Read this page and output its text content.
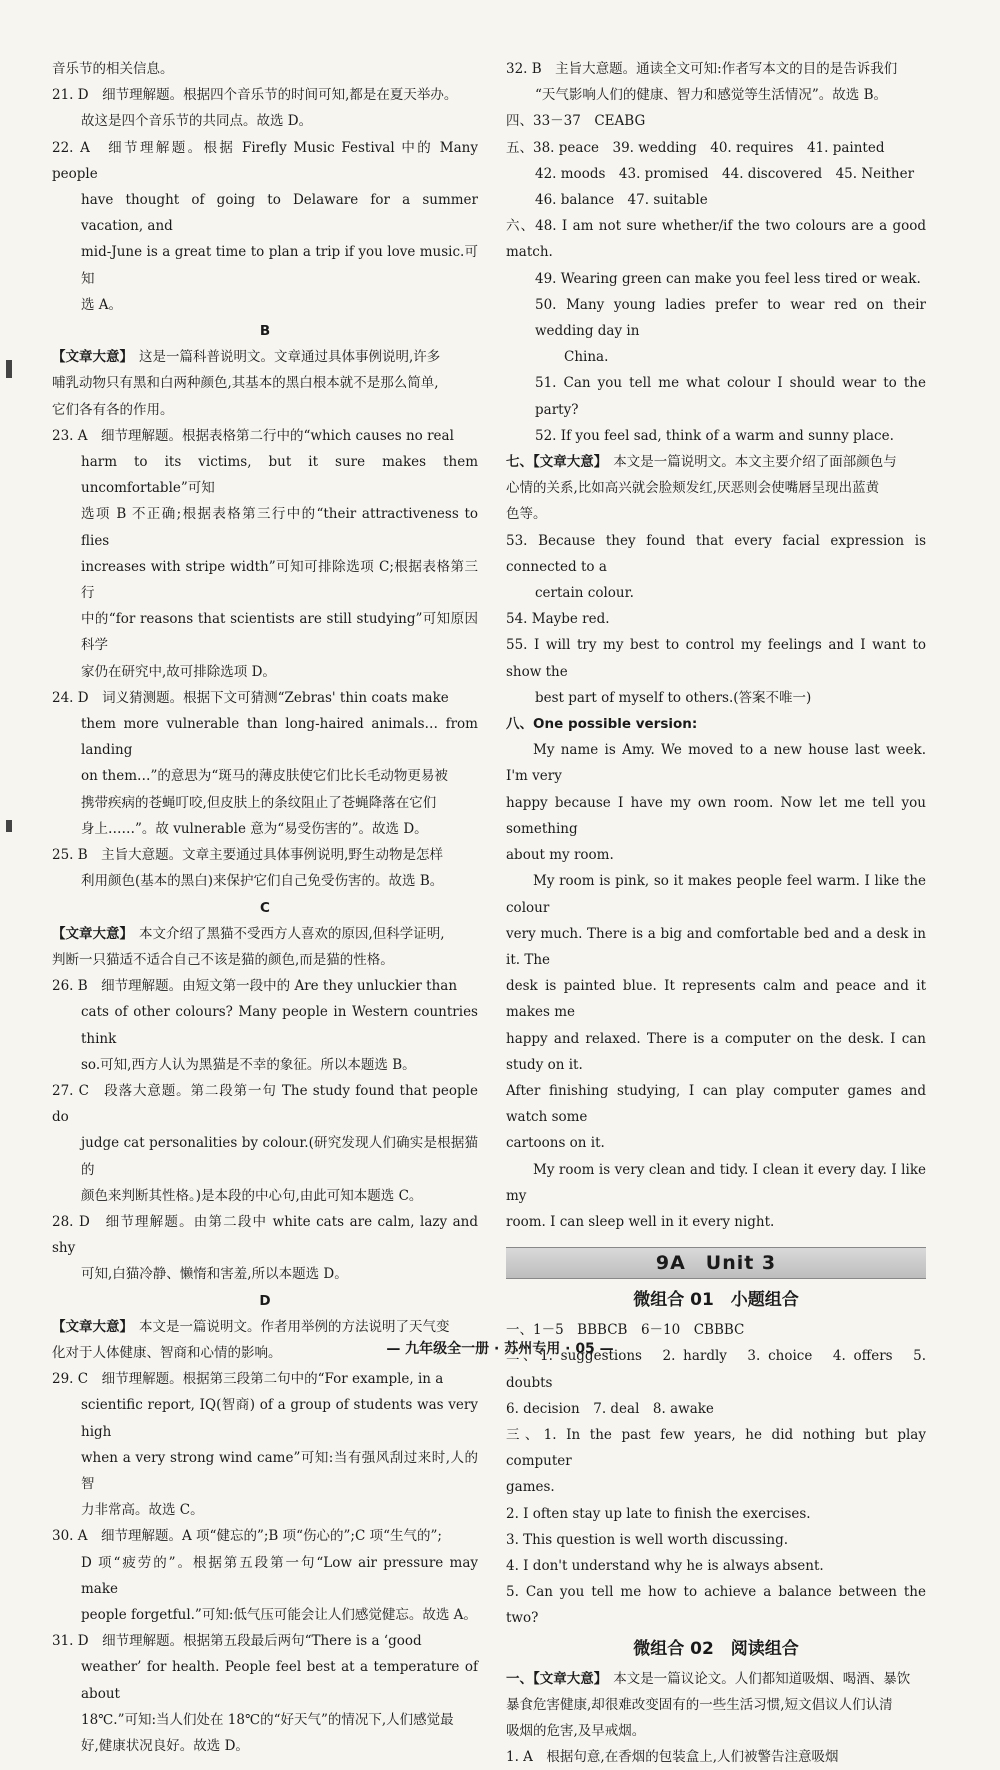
音乐节的相关信息。

21. D　细节理解题。根据四个音乐节的时间可知,都是在夏天举办。

故这是四个音乐节的共同点。故选 D。

22. A　细节理解题。根据 Firefly Music Festival 中的 Many people

have thought of going to Delaware for a summer vacation, and

mid-June is a great time to plan a trip if you love music.可知

选 A。

B

【文章大意】 这是一篇科普说明文。文章通过具体事例说明,许多

哺乳动物只有黑和白两种颜色,其基本的黑白根本就不是那么简单,

它们各有各的作用。

23. A　细节理解题。根据表格第二行中的“which causes no real

harm to its victims, but it sure makes them uncomfortable”可知

选项 B 不正确;根据表格第三行中的“their attractiveness to flies

increases with stripe width”可知可排除选项 C;根据表格第三行

中的“for reasons that scientists are still studying”可知原因科学

家仍在研究中,故可排除选项 D。

24. D　词义猜测题。根据下文可猜测“Zebras' thin coats make

them more vulnerable than long-haired animals… from landing

on them…”的意思为“斑马的薄皮肤使它们比长毛动物更易被

携带疾病的苍蝇叮咬,但皮肤上的条纹阻止了苍蝇降落在它们

身上……”。故 vulnerable 意为“易受伤害的”。故选 D。

25. B　主旨大意题。文章主要通过具体事例说明,野生动物是怎样

利用颜色(基本的黑白)来保护它们自己免受伤害的。故选 B。

C

【文章大意】 本文介绍了黑猫不受西方人喜欢的原因,但科学证明,

判断一只猫适不适合自己不该是猫的颜色,而是猫的性格。

26. B　细节理解题。由短文第一段中的 Are they unluckier than

cats of other colours? Many people in Western countries think

so.可知,西方人认为黑猫是不幸的象征。所以本题选 B。

27. C　段落大意题。第二段第一句 The study found that people do

judge cat personalities by colour.(研究发现人们确实是根据猫的

颜色来判断其性格。)是本段的中心句,由此可知本题选 C。

28. D　细节理解题。由第二段中 white cats are calm, lazy and shy

可知,白猫冷静、懒惰和害羞,所以本题选 D。

D

【文章大意】 本文是一篇说明文。作者用举例的方法说明了天气变

化对于人体健康、智商和心情的影响。

29. C　细节理解题。根据第三段第二句中的“For example, in a

scientific report, IQ(智商) of a group of students was very high

when a very strong wind came”可知:当有强风刮过来时,人的智

力非常高。故选 C。

30. A　细节理解题。A 项“健忘的”;B 项“伤心的”;C 项“生气的”;

D 项“疲劳的”。根据第五段第一句“Low air pressure may make

people forgetful.”可知:低气压可能会让人们感觉健忘。故选 A。

31. D　细节理解题。根据第五段最后两句“There is a ‘good

weather’ for health. People feel best at a temperature of about

18℃.”可知:当人们处在 18℃的“好天气”的情况下,人们感觉最

好,健康状况良好。故选 D。

32. B　主旨大意题。通读全文可知:作者写本文的目的是告诉我们

“天气影响人们的健康、智力和感觉等生活情况”。故选 B。

四、33－37　CEABG

五、38. peace　39. wedding　40. requires　41. painted

42. moods　43. promised　44. discovered　45. Neither

46. balance　47. suitable

六、48. I am not sure whether/if the two colours are a good match.

49. Wearing green can make you feel less tired or weak.

50. Many young ladies prefer to wear red on their wedding day in

China.

51. Can you tell me what colour I should wear to the party?

52. If you feel sad, think of a warm and sunny place.

七、【文章大意】 本文是一篇说明文。本文主要介绍了面部颜色与

心情的关系,比如高兴就会脸颊发红,厌恶则会使嘴唇呈现出蓝黄

色等。

53. Because they found that every facial expression is connected to a

certain colour.

54. Maybe red.

55. I will try my best to control my feelings and I want to show the

best part of myself to others.(答案不唯一)

八、One possible version:

My name is Amy. We moved to a new house last week. I'm very

happy because I have my own room. Now let me tell you something

about my room.

My room is pink, so it makes people feel warm. I like the colour

very much. There is a big and comfortable bed and a desk in it. The

desk is painted blue. It represents calm and peace and it makes me

happy and relaxed. There is a computer on the desk. I can study on it.

After finishing studying, I can play computer games and watch some

cartoons on it.

My room is very clean and tidy. I clean it every day. I like my

room. I can sleep well in it every night.

9A　Unit 3
微组合 01　小题组合

一、1－5　BBBCB　6－10　CBBBC

二、1. suggestions　2. hardly　3. choice　4. offers　5. doubts

6. decision　7. deal　8. awake

三、1. In the past few years, he did nothing but play computer

games.

2. I often stay up late to finish the exercises.

3. This question is well worth discussing.

4. I don't understand why he is always absent.

5. Can you tell me how to achieve a balance between the two?

微组合 02　阅读组合

一、【文章大意】 本文是一篇议论文。人们都知道吸烟、喝酒、暴饮

暴食危害健康,却很难改变固有的一些生活习惯,短文倡议人们认清

吸烟的危害,及早戒烟。

1. A　根据句意,在香烟的包装盒上,人们被警告注意吸烟

— 九年级全一册 · 苏州专用 · 05 —
